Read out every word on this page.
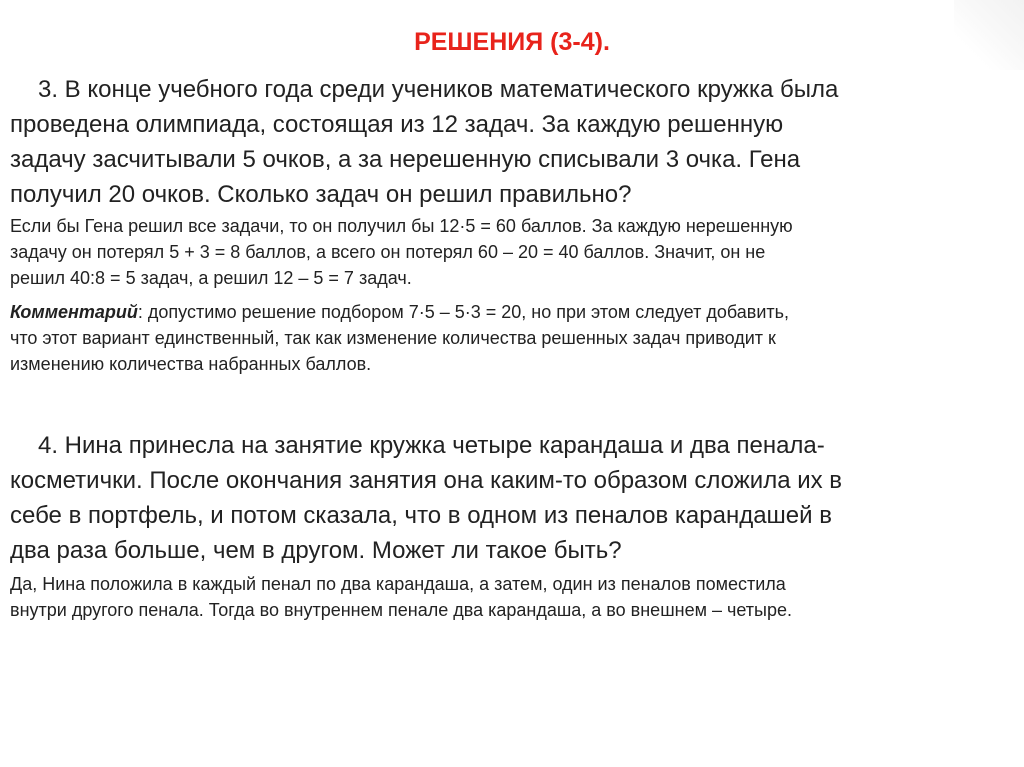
РЕШЕНИЯ (3-4).
3. В конце учебного года среди учеников математического кружка была
проведена олимпиада, состоящая из 12 задач. За каждую решенную
задачу засчитывали 5 очков, а за нерешенную списывали 3 очка. Гена
получил 20 очков. Сколько задач он решил правильно?
Если бы Гена решил все задачи, то он получил бы 12·5 = 60 баллов. За каждую нерешенную
задачу он потерял 5 + 3 = 8 баллов, а всего он потерял 60 – 20 = 40 баллов. Значит, он не
решил 40:8 = 5 задач, а решил 12 – 5 = 7 задач.
Комментарий: допустимо решение подбором 7·5 – 5·3 = 20, но при этом следует добавить,
что этот вариант единственный, так как изменение количества решенных задач приводит к
изменению количества набранных баллов.
4. Нина принесла на занятие кружка четыре карандаша и два пенала-
косметички. После окончания занятия она каким-то образом сложила их в
себе в портфель, и потом сказала, что в одном из пеналов карандашей в
два раза больше, чем в другом. Может ли такое быть?
Да, Нина положила в каждый пенал по два карандаша, а затем, один из пеналов поместила
внутри другого пенала. Тогда во внутреннем пенале два карандаша, а во внешнем – четыре.
